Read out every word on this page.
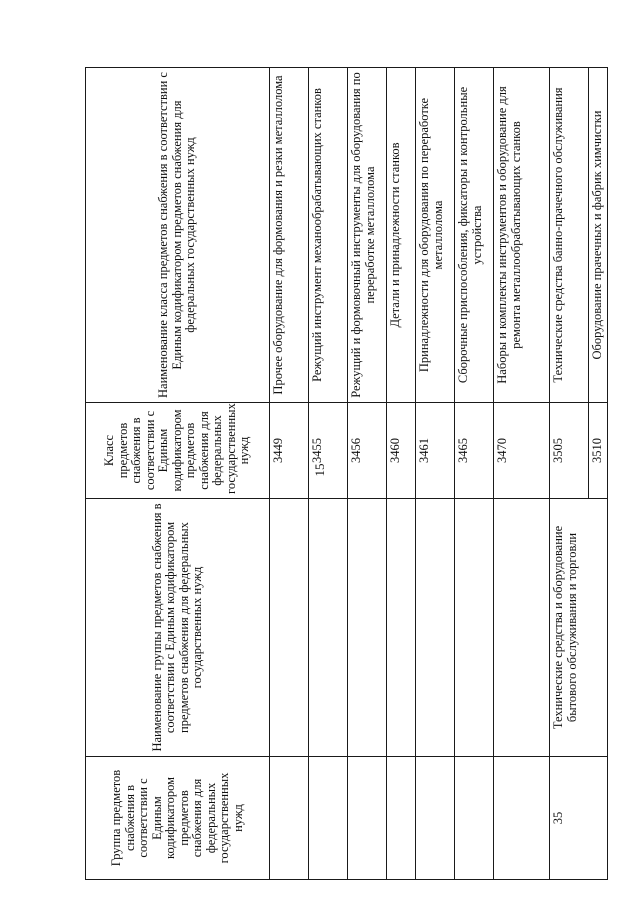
15
Группа предметов снабжения в соответствии с Единым кодификатором предметов снабжения для федеральных государственных нужд	Наименование группы предметов снабжения в соответствии с Единым кодификатором предметов снабжения для федеральных государственных нужд	Класс предметов снабжения в соответствии с Единым кодификатором предметов снабжения для федеральных государственных нужд	Наименование класса предметов снабжения в соответствии с Единым кодификатором предметов снабжения для федеральных государственных нужд
		3449	Прочее оборудование для формования и резки металлолома
		3455	Режущий инструмент механообрабатывающих станков
		3456	Режущий и формовочный инструменты для оборудования по переработке металлолома
		3460	Детали и принадлежности станков
		3461	Принадлежности для оборудования по переработке металлолома
		3465	Сборочные приспособления, фиксаторы и контрольные устройства
		3470	Наборы и комплекты инструментов и оборудование для ремонта металлообрабатывающих станков
35	Технические средства и оборудование бытового обслуживания и торговли	3505	Технические средства банно-прачечного обслуживания
		3510	Оборудование прачечных и фабрик химчистки
